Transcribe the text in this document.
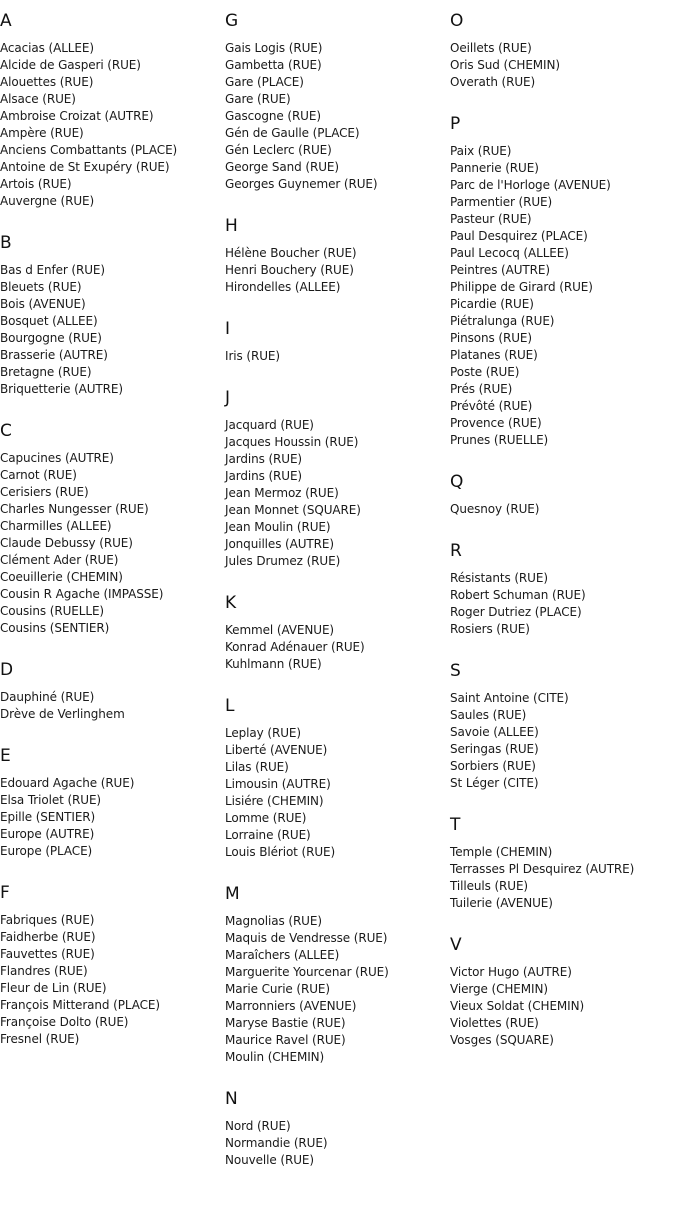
A
Acacias (ALLEE)
Alcide de Gasperi (RUE)
Alouettes (RUE)
Alsace (RUE)
Ambroise Croizat (AUTRE)
Ampère (RUE)
Anciens Combattants (PLACE)
Antoine de St Exupéry (RUE)
Artois (RUE)
Auvergne (RUE)
B
Bas d Enfer (RUE)
Bleuets (RUE)
Bois (AVENUE)
Bosquet (ALLEE)
Bourgogne (RUE)
Brasserie (AUTRE)
Bretagne (RUE)
Briquetterie (AUTRE)
C
Capucines (AUTRE)
Carnot (RUE)
Cerisiers (RUE)
Charles Nungesser (RUE)
Charmilles (ALLEE)
Claude Debussy (RUE)
Clément Ader (RUE)
Coeuillerie (CHEMIN)
Cousin R Agache (IMPASSE)
Cousins (RUELLE)
Cousins (SENTIER)
D
Dauphiné (RUE)
Drève de Verlinghem
E
Edouard Agache (RUE)
Elsa Triolet (RUE)
Epille (SENTIER)
Europe (AUTRE)
Europe (PLACE)
F
Fabriques (RUE)
Faidherbe (RUE)
Fauvettes (RUE)
Flandres (RUE)
Fleur de Lin (RUE)
François Mitterand (PLACE)
Françoise Dolto (RUE)
Fresnel (RUE)
G
Gais Logis (RUE)
Gambetta (RUE)
Gare (PLACE)
Gare (RUE)
Gascogne (RUE)
Gén de Gaulle (PLACE)
Gén Leclerc (RUE)
George Sand (RUE)
Georges Guynemer (RUE)
H
Hélène Boucher (RUE)
Henri Bouchery (RUE)
Hirondelles (ALLEE)
I
Iris (RUE)
J
Jacquard (RUE)
Jacques Houssin (RUE)
Jardins (RUE)
Jardins (RUE)
Jean Mermoz (RUE)
Jean Monnet (SQUARE)
Jean Moulin (RUE)
Jonquilles (AUTRE)
Jules Drumez (RUE)
K
Kemmel (AVENUE)
Konrad Adénauer (RUE)
Kuhlmann (RUE)
L
Leplay (RUE)
Liberté (AVENUE)
Lilas (RUE)
Limousin (AUTRE)
Lisiére (CHEMIN)
Lomme (RUE)
Lorraine (RUE)
Louis Blériot (RUE)
M
Magnolias (RUE)
Maquis de Vendresse (RUE)
Maraîchers (ALLEE)
Marguerite Yourcenar (RUE)
Marie Curie (RUE)
Marronniers (AVENUE)
Maryse Bastie (RUE)
Maurice Ravel (RUE)
Moulin (CHEMIN)
N
Nord (RUE)
Normandie (RUE)
Nouvelle (RUE)
O
Oeillets (RUE)
Oris Sud (CHEMIN)
Overath (RUE)
P
Paix (RUE)
Pannerie (RUE)
Parc de l'Horloge (AVENUE)
Parmentier (RUE)
Pasteur (RUE)
Paul Desquirez (PLACE)
Paul Lecocq (ALLEE)
Peintres (AUTRE)
Philippe de Girard (RUE)
Picardie (RUE)
Piétralunga (RUE)
Pinsons (RUE)
Platanes (RUE)
Poste (RUE)
Prés (RUE)
Prévôté (RUE)
Provence (RUE)
Prunes (RUELLE)
Q
Quesnoy (RUE)
R
Résistants (RUE)
Robert Schuman (RUE)
Roger Dutriez (PLACE)
Rosiers (RUE)
S
Saint Antoine (CITE)
Saules (RUE)
Savoie (ALLEE)
Seringas (RUE)
Sorbiers (RUE)
St Léger (CITE)
T
Temple (CHEMIN)
Terrasses Pl Desquirez (AUTRE)
Tilleuls (RUE)
Tuilerie (AVENUE)
V
Victor Hugo (AUTRE)
Vierge (CHEMIN)
Vieux Soldat (CHEMIN)
Violettes (RUE)
Vosges (SQUARE)
